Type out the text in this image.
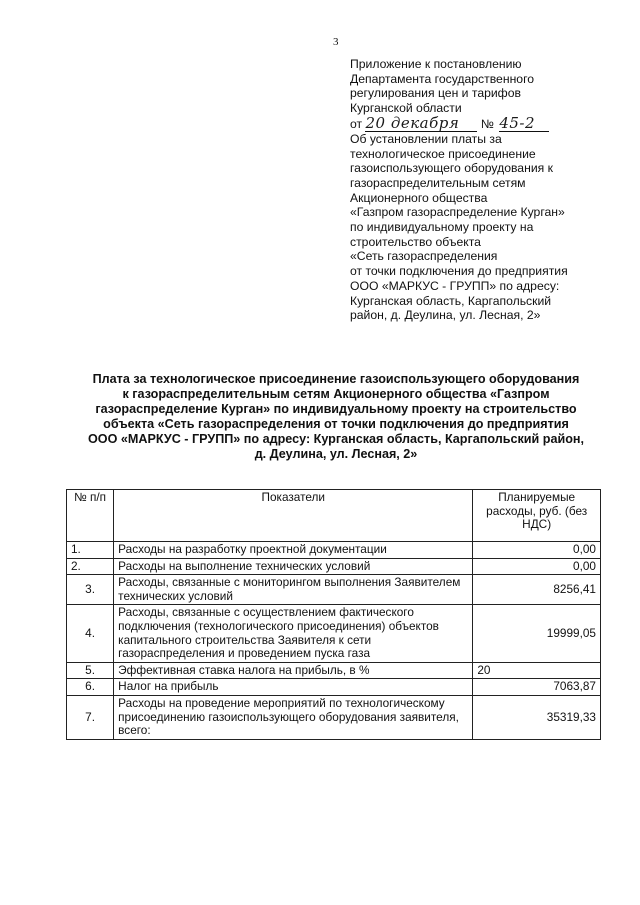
3
Приложение к постановлению
Департамента государственного
регулирования цен и тарифов
Курганской области
от 20 декабря № 45-2
Об установлении платы за
технологическое присоединение
газоиспользующего оборудования к
газораспределительным сетям
Акционерного общества
«Газпром газораспределение Курган»
по индивидуальному проекту на
строительство объекта
«Сеть газораспределения
от точки подключения до предприятия
ООО «МАРКУС - ГРУПП» по адресу:
Курганская область, Каргапольский
район, д. Деулина, ул. Лесная, 2»
Плата за технологическое присоединение газоиспользующего оборудования
к газораспределительным сетям Акционерного общества «Газпром
газораспределение Курган» по индивидуальному проекту на строительство
объекта «Сеть газораспределения от точки подключения до предприятия
ООО «МАРКУС - ГРУПП» по адресу: Курганская область, Каргапольский район,
д. Деулина, ул. Лесная, 2»
№ п/п	Показатели	Планируемые расходы, руб. (без НДС)
1.	Расходы на разработку проектной документации	0,00
2.	Расходы на выполнение технических условий	0,00
3.	Расходы, связанные с мониторингом выполнения Заявителем технических условий	8256,41
4.	Расходы, связанные с осуществлением фактического подключения (технологического присоединения) объектов капитального строительства Заявителя к сети газораспределения и проведением пуска газа	19999,05
5.	Эффективная ставка налога на прибыль, в %	20
6.	Налог на прибыль	7063,87
7.	Расходы на проведение мероприятий по технологическому присоединению газоиспользующего оборудования заявителя, всего:	35319,33
